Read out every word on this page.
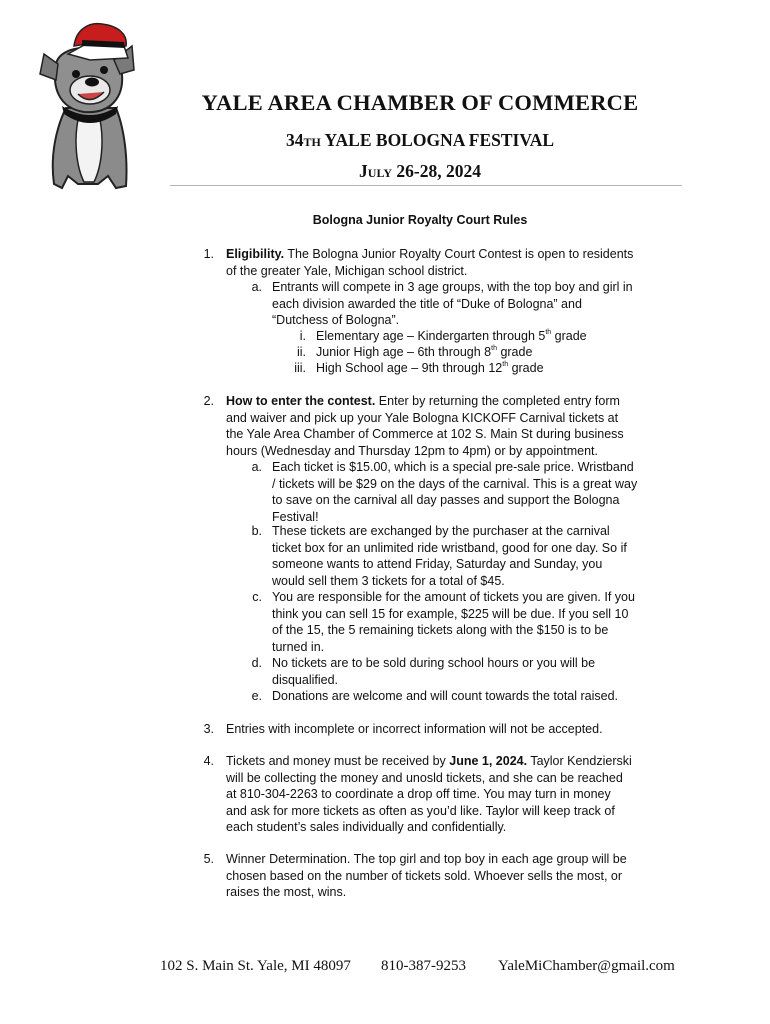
YALE AREA CHAMBER OF COMMERCE
34th YALE BOLOGNA FESTIVAL
July 26-28, 2024
Bologna Junior Royalty Court Rules
1. Eligibility. The Bologna Junior Royalty Court Contest is open to residents
of the greater Yale, Michigan school district.
a. Entrants will compete in 3 age groups, with the top boy and girl in
each division awarded the title of “Duke of Bologna” and
“Dutchess of Bologna”.
i. Elementary age – Kindergarten through 5th grade
ii. Junior High age – 6th through 8th grade
iii. High School age – 9th through 12th grade
2. How to enter the contest. Enter by returning the completed entry form
and waiver and pick up your Yale Bologna KICKOFF Carnival tickets at
the Yale Area Chamber of Commerce at 102 S. Main St during business
hours (Wednesday and Thursday 12pm to 4pm) or by appointment.
a. Each ticket is $15.00, which is a special pre-sale price. Wristband
/ tickets will be $29 on the days of the carnival. This is a great way
to save on the carnival all day passes and support the Bologna
Festival!
b. These tickets are exchanged by the purchaser at the carnival
ticket box for an unlimited ride wristband, good for one day. So if
someone wants to attend Friday, Saturday and Sunday, you
would sell them 3 tickets for a total of $45.
c. You are responsible for the amount of tickets you are given. If you
think you can sell 15 for example, $225 will be due. If you sell 10
of the 15, the 5 remaining tickets along with the $150 is to be
turned in.
d. No tickets are to be sold during school hours or you will be
disqualified.
e. Donations are welcome and will count towards the total raised.
3. Entries with incomplete or incorrect information will not be accepted.
4. Tickets and money must be received by June 1, 2024. Taylor Kendzierski
will be collecting the money and unosld tickets, and she can be reached
at 810-304-2263 to coordinate a drop off time. You may turn in money
and ask for more tickets as often as you’d like. Taylor will keep track of
each student’s sales individually and confidentially.
5. Winner Determination. The top girl and top boy in each age group will be
chosen based on the number of tickets sold. Whoever sells the most, or
raises the most, wins.
102 S. Main St. Yale, MI 48097 810-387-9253 YaleMiChamber@gmail.com
